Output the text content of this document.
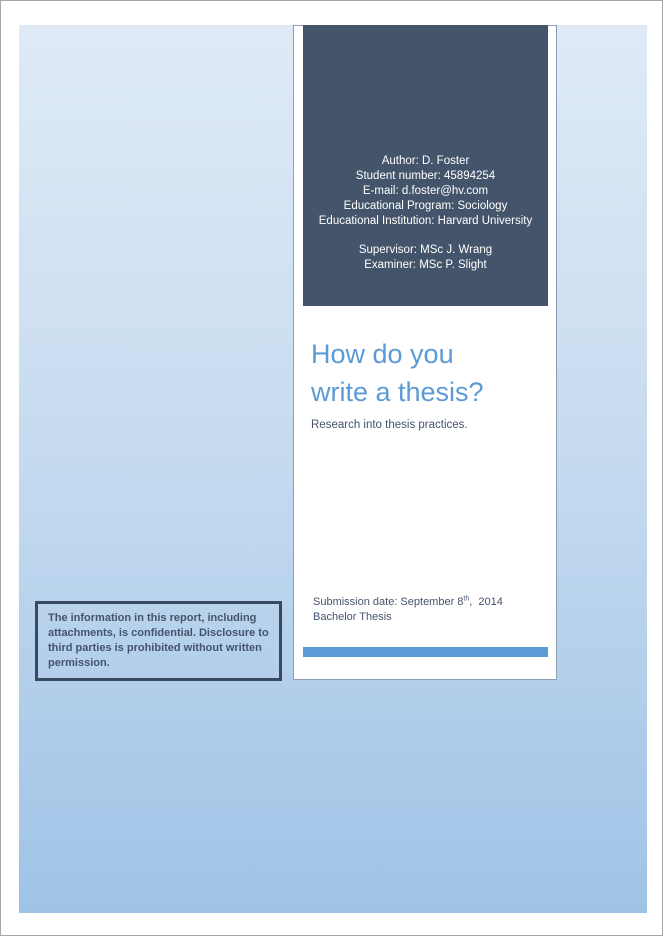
Author: D. Foster
Student number: 45894254
E-mail: d.foster@hv.com
Educational Program: Sociology
Educational Institution: Harvard University
Supervisor: MSc J. Wrang
Examiner: MSc P. Slight
How do you
write a thesis?
Research into thesis practices.
Submission date: September 8th,  2014
Bachelor Thesis
The information in this report, including attachments, is confidential. Disclosure to third parties is prohibited without written permission.
